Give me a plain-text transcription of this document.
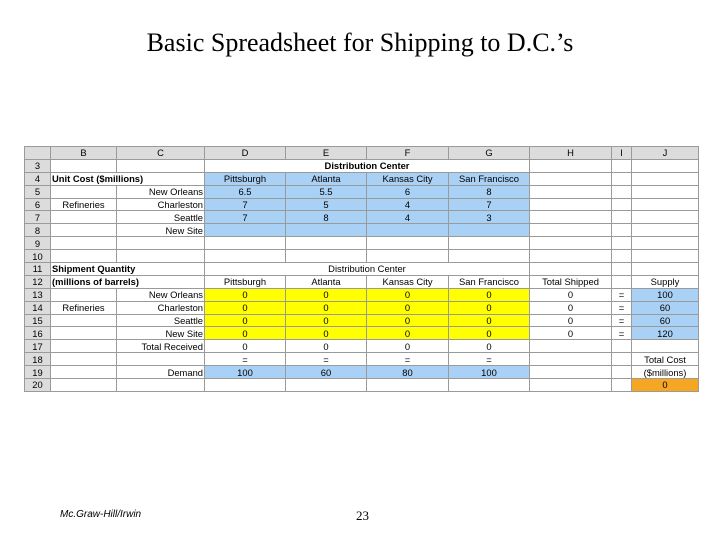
Basic Spreadsheet for Shipping to D.C.’s
	B	C	D	E	F	G	H	I	J
3			Distribution Center						
4	Unit Cost ($millions)		Pittsburgh	Atlanta	Kansas City	San Francisco			
5		New Orleans	6.5	5.5	6	8			
6	Refineries	Charleston	7	5	4	7			
7		Seattle	7	8	4	3			
8		New Site							
9									
10									
11	Shipment Quantity		Distribution Center						
12	(millions of barrels)		Pittsburgh	Atlanta	Kansas City	San Francisco	Total Shipped		Supply
13		New Orleans	0	0	0	0	0	=	100
14	Refineries	Charleston	0	0	0	0	0	=	60
15		Seattle	0	0	0	0	0	=	60
16		New Site	0	0	0	0	0	=	120
17		Total Received	0	0	0	0			
18			=	=	=	=			Total Cost
19		Demand	100	60	80	100			($millions)
20									0
Mc.Graw-Hill/Irwin	23
